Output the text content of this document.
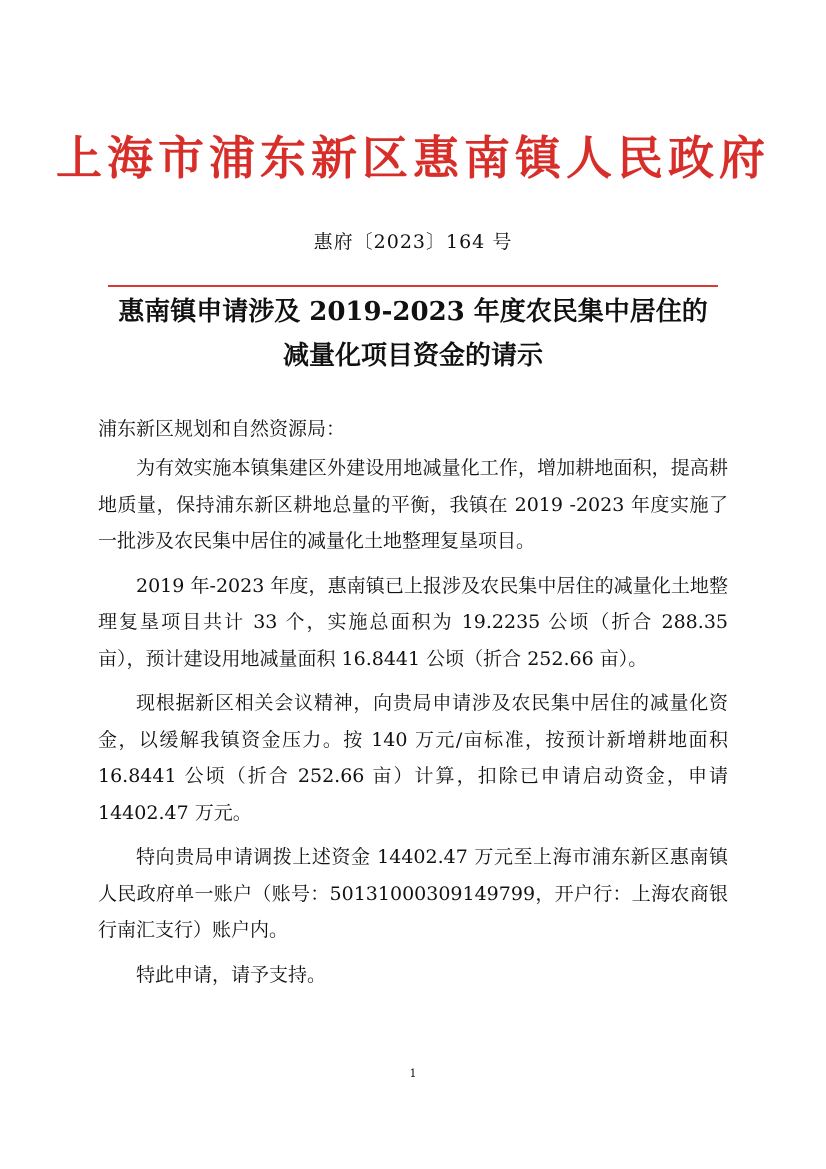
上海市浦东新区惠南镇人民政府
惠府〔2023〕164 号
惠南镇申请涉及 2019-2023 年度农民集中居住的
减量化项目资金的请示
浦东新区规划和自然资源局：

为有效实施本镇集建区外建设用地减量化工作，增加耕地面积，提高耕地质量，保持浦东新区耕地总量的平衡，我镇在 2019 -2023 年度实施了一批涉及农民集中居住的减量化土地整理复垦项目。

2019 年-2023 年度，惠南镇已上报涉及农民集中居住的减量化土地整理复垦项目共计 33 个，实施总面积为 19.2235 公顷（折合 288.35 亩），预计建设用地减量面积 16.8441 公顷（折合 252.66 亩）。

现根据新区相关会议精神，向贵局申请涉及农民集中居住的减量化资金，以缓解我镇资金压力。按 140 万元/亩标准，按预计新增耕地面积 16.8441 公顷（折合 252.66 亩）计算，扣除已申请启动资金，申请 14402.47 万元。

特向贵局申请调拨上述资金 14402.47 万元至上海市浦东新区惠南镇人民政府单一账户（账号：50131000309149799，开户行：上海农商银行南汇支行）账户内。

特此申请，请予支持。

1
